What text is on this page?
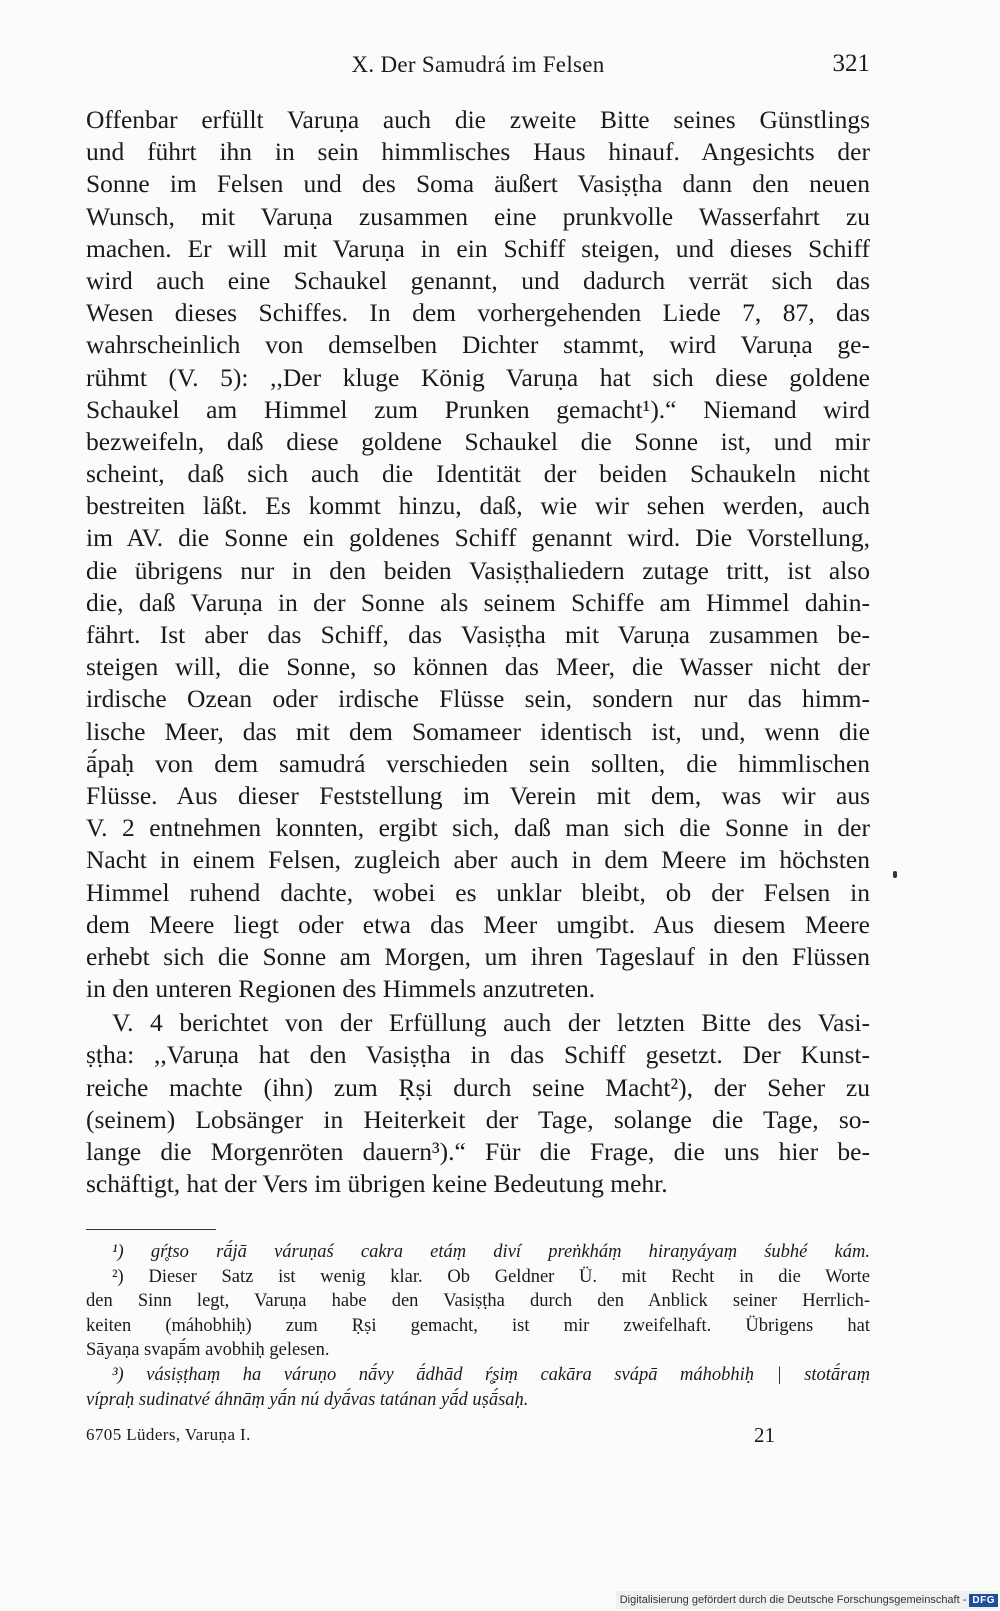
X. Der Samudrá im Felsen	321
Offenbar erfüllt Varuṇa auch die zweite Bitte seines Günstlings
und führt ihn in sein himmlisches Haus hinauf. Angesichts der
Sonne im Felsen und des Soma äußert Vasiṣṭha dann den neuen
Wunsch, mit Varuṇa zusammen eine prunkvolle Wasserfahrt zu
machen. Er will mit Varuṇa in ein Schiff steigen, und dieses Schiff
wird auch eine Schaukel genannt, und dadurch verrät sich das
Wesen dieses Schiffes. In dem vorhergehenden Liede 7, 87, das
wahrscheinlich von demselben Dichter stammt, wird Varuṇa ge-
rühmt (V. 5): ,,Der kluge König Varuṇa hat sich diese goldene
Schaukel am Himmel zum Prunken gemacht¹).“ Niemand wird
bezweifeln, daß diese goldene Schaukel die Sonne ist, und mir
scheint, daß sich auch die Identität der beiden Schaukeln nicht
bestreiten läßt. Es kommt hinzu, daß, wie wir sehen werden, auch
im AV. die Sonne ein goldenes Schiff genannt wird. Die Vorstellung,
die übrigens nur in den beiden Vasiṣṭhaliedern zutage tritt, ist also
die, daß Varuṇa in der Sonne als seinem Schiffe am Himmel dahin-
fährt. Ist aber das Schiff, das Vasiṣṭha mit Varuṇa zusammen be-
steigen will, die Sonne, so können das Meer, die Wasser nicht der
irdische Ozean oder irdische Flüsse sein, sondern nur das himm-
lische Meer, das mit dem Somameer identisch ist, und, wenn die
ā́paḥ von dem samudrá verschieden sein sollten, die himmlischen
Flüsse. Aus dieser Feststellung im Verein mit dem, was wir aus
V. 2 entnehmen konnten, ergibt sich, daß man sich die Sonne in der
Nacht in einem Felsen, zugleich aber auch in dem Meere im höchsten
Himmel ruhend dachte, wobei es unklar bleibt, ob der Felsen in
dem Meere liegt oder etwa das Meer umgibt. Aus diesem Meere
erhebt sich die Sonne am Morgen, um ihren Tageslauf in den Flüssen
in den unteren Regionen des Himmels anzutreten.
V. 4 berichtet von der Erfüllung auch der letzten Bitte des Vasi-
ṣṭha: ,,Varuṇa hat den Vasiṣṭha in das Schiff gesetzt. Der Kunst-
reiche machte (ihn) zum Ṛṣi durch seine Macht²), der Seher zu
(seinem) Lobsänger in Heiterkeit der Tage, solange die Tage, so-
lange die Morgenröten dauern³).“ Für die Frage, die uns hier be-
schäftigt, hat der Vers im übrigen keine Bedeutung mehr.
¹) gŕ̥tso rā́jā váruṇaś cakra etáṃ diví preṅkháṃ hiraṇyáyaṃ śubhé kám.
²) Dieser Satz ist wenig klar. Ob Geldner Ü. mit Recht in die Worte
den Sinn legt, Varuṇa habe den Vasiṣṭha durch den Anblick seiner Herrlich-
keiten (máhobhiḥ) zum Ṛṣi gemacht, ist mir zweifelhaft. Übrigens hat
Sāyaṇa svapā́m avobhiḥ gelesen.
³) vásiṣṭhaṃ ha váruṇo nā́vy ā́dhād ŕ̥ṣiṃ cakāra svápā máhobhiḥ | stotā́raṃ
vípraḥ sudinatvé áhnāṃ yā́n nú dyā́vas tatánan yā́d uṣā́saḥ.
6705 Lüders, Varuṇa I.	21
Digitalisierung gefördert durch die Deutsche Forschungsgemeinschaft - DFG
